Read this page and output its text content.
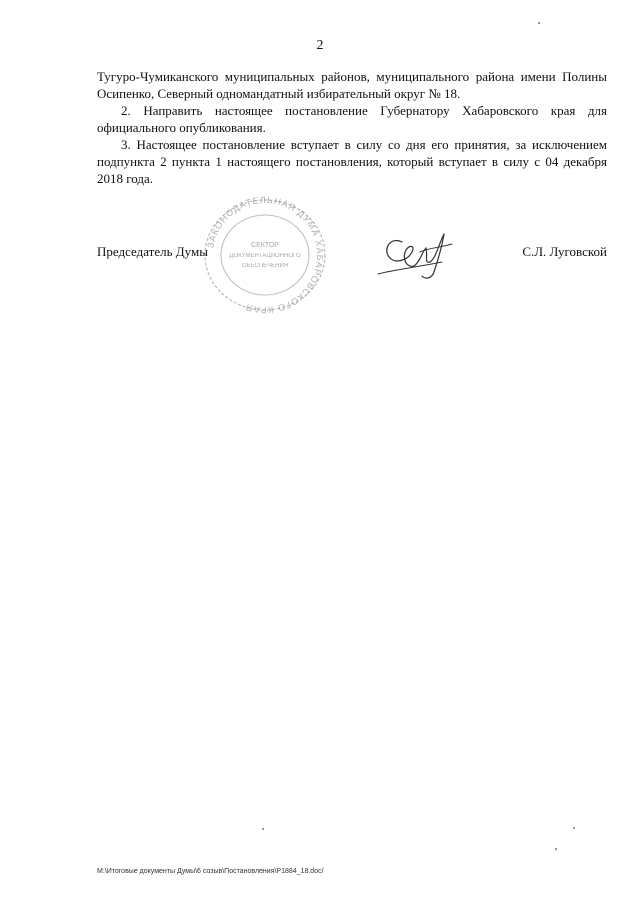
2

Тугуро-Чумиканского муниципальных районов, муниципального района имени Полины Осипенко, Северный одномандатный избирательный округ № 18.

2. Направить настоящее постановление Губернатору Хабаровского края для официального опубликования.

3. Настоящее постановление вступает в силу со дня его принятия, за исключением подпункта 2 пункта 1 настоящего постановления, который вступает в силу с 04 декабря 2018 года.

ЗАКОНОДАТЕЛЬНАЯ ДУМА ХАБАРОВСКОГО КРАЯ
СЕКТОР
ДОКУМЕНТАЦИОННОГО
ОБЕСПЕЧЕНИЯ
Председатель Думы	С.Л. Луговской
M:\Итоговые документы Думы\6 созыв\Постановления\Р1884_18.doc/
